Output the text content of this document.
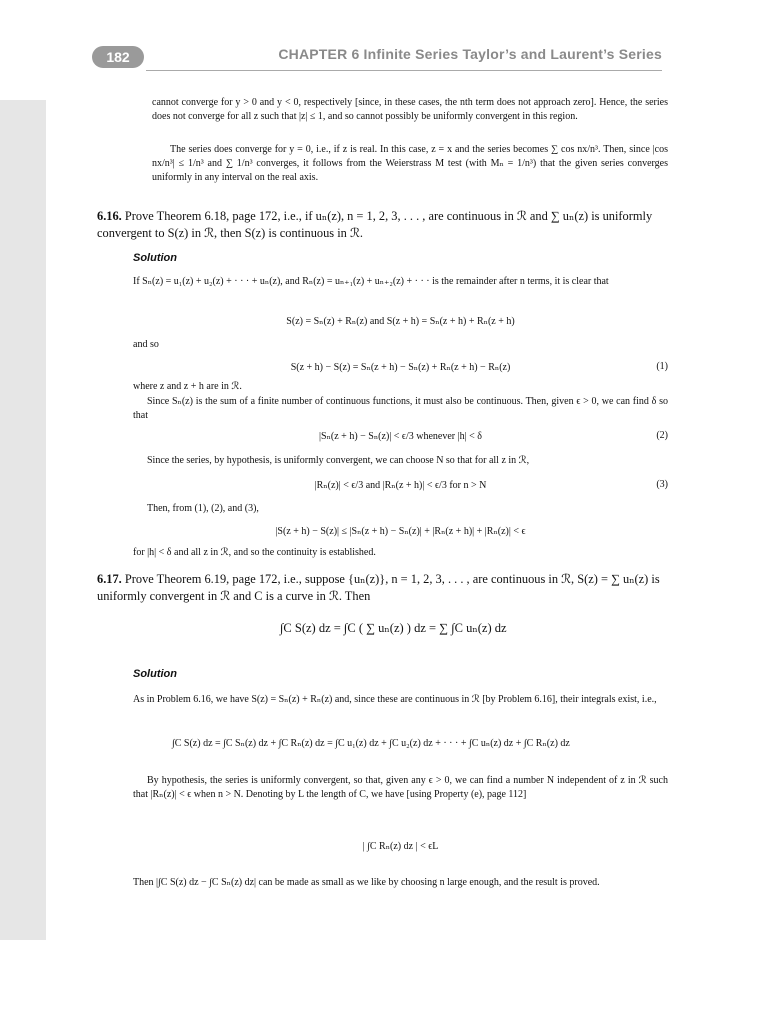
182	CHAPTER 6 Infinite Series Taylor’s and Laurent’s Series

cannot converge for y > 0 and y < 0, respectively [since, in these cases, the nth term does not approach zero]. Hence, the series does not converge for all z such that |z| ≤ 1, and so cannot possibly be uniformly convergent in this region.

The series does converge for y = 0, i.e., if z is real. In this case, z = x and the series becomes ∑ cos nx/n³. Then, since |cos nx/n³| ≤ 1/n³ and ∑ 1/n³ converges, it follows from the Weierstrass M test (with Mₙ = 1/n³) that the given series converges uniformly in any interval on the real axis.

6.16. Prove Theorem 6.18, page 172, i.e., if uₙ(z), n = 1, 2, 3, . . . , are continuous in ℛ and ∑ uₙ(z) is uniformly convergent to S(z) in ℛ, then S(z) is continuous in ℛ.
Solution

If Sₙ(z) = u₁(z) + u₂(z) + · · · + uₙ(z), and Rₙ(z) = uₙ₊₁(z) + uₙ₊₂(z) + · · · is the remainder after n terms, it is clear that

S(z) = Sₙ(z) + Rₙ(z) and S(z + h) = Sₙ(z + h) + Rₙ(z + h)

and so

S(z + h) − S(z) = Sₙ(z + h) − Sₙ(z) + Rₙ(z + h) − Rₙ(z)	(1)

where z and z + h are in ℛ.

Since Sₙ(z) is the sum of a finite number of continuous functions, it must also be continuous. Then, given ϵ > 0, we can find δ so that

|Sₙ(z + h) − Sₙ(z)| < ϵ/3 whenever |h| < δ	(2)

Since the series, by hypothesis, is uniformly convergent, we can choose N so that for all z in ℛ,

|Rₙ(z)| < ϵ/3 and |Rₙ(z + h)| < ϵ/3 for n > N	(3)

Then, from (1), (2), and (3),

|S(z + h) − S(z)| ≤ |Sₙ(z + h) − Sₙ(z)| + |Rₙ(z + h)| + |Rₙ(z)| < ϵ

for |h| < δ and all z in ℛ, and so the continuity is established.

6.17. Prove Theorem 6.19, page 172, i.e., suppose {uₙ(z)}, n = 1, 2, 3, . . . , are continuous in ℛ, S(z) = ∑ uₙ(z) is uniformly convergent in ℛ and C is a curve in ℛ. Then
∫C S(z) dz = ∫C ( ∑ uₙ(z) ) dz = ∑ ∫C uₙ(z) dz
Solution

As in Problem 6.16, we have S(z) = Sₙ(z) + Rₙ(z) and, since these are continuous in ℛ [by Problem 6.16], their integrals exist, i.e.,

∫C S(z) dz = ∫C Sₙ(z) dz + ∫C Rₙ(z) dz = ∫C u₁(z) dz + ∫C u₂(z) dz + · · · + ∫C uₙ(z) dz + ∫C Rₙ(z) dz

By hypothesis, the series is uniformly convergent, so that, given any ϵ > 0, we can find a number N independent of z in ℛ such that |Rₙ(z)| < ϵ when n > N. Denoting by L the length of C, we have [using Property (e), page 112]

| ∫C Rₙ(z) dz | < ϵL

Then |∫C S(z) dz − ∫C Sₙ(z) dz| can be made as small as we like by choosing n large enough, and the result is proved.
